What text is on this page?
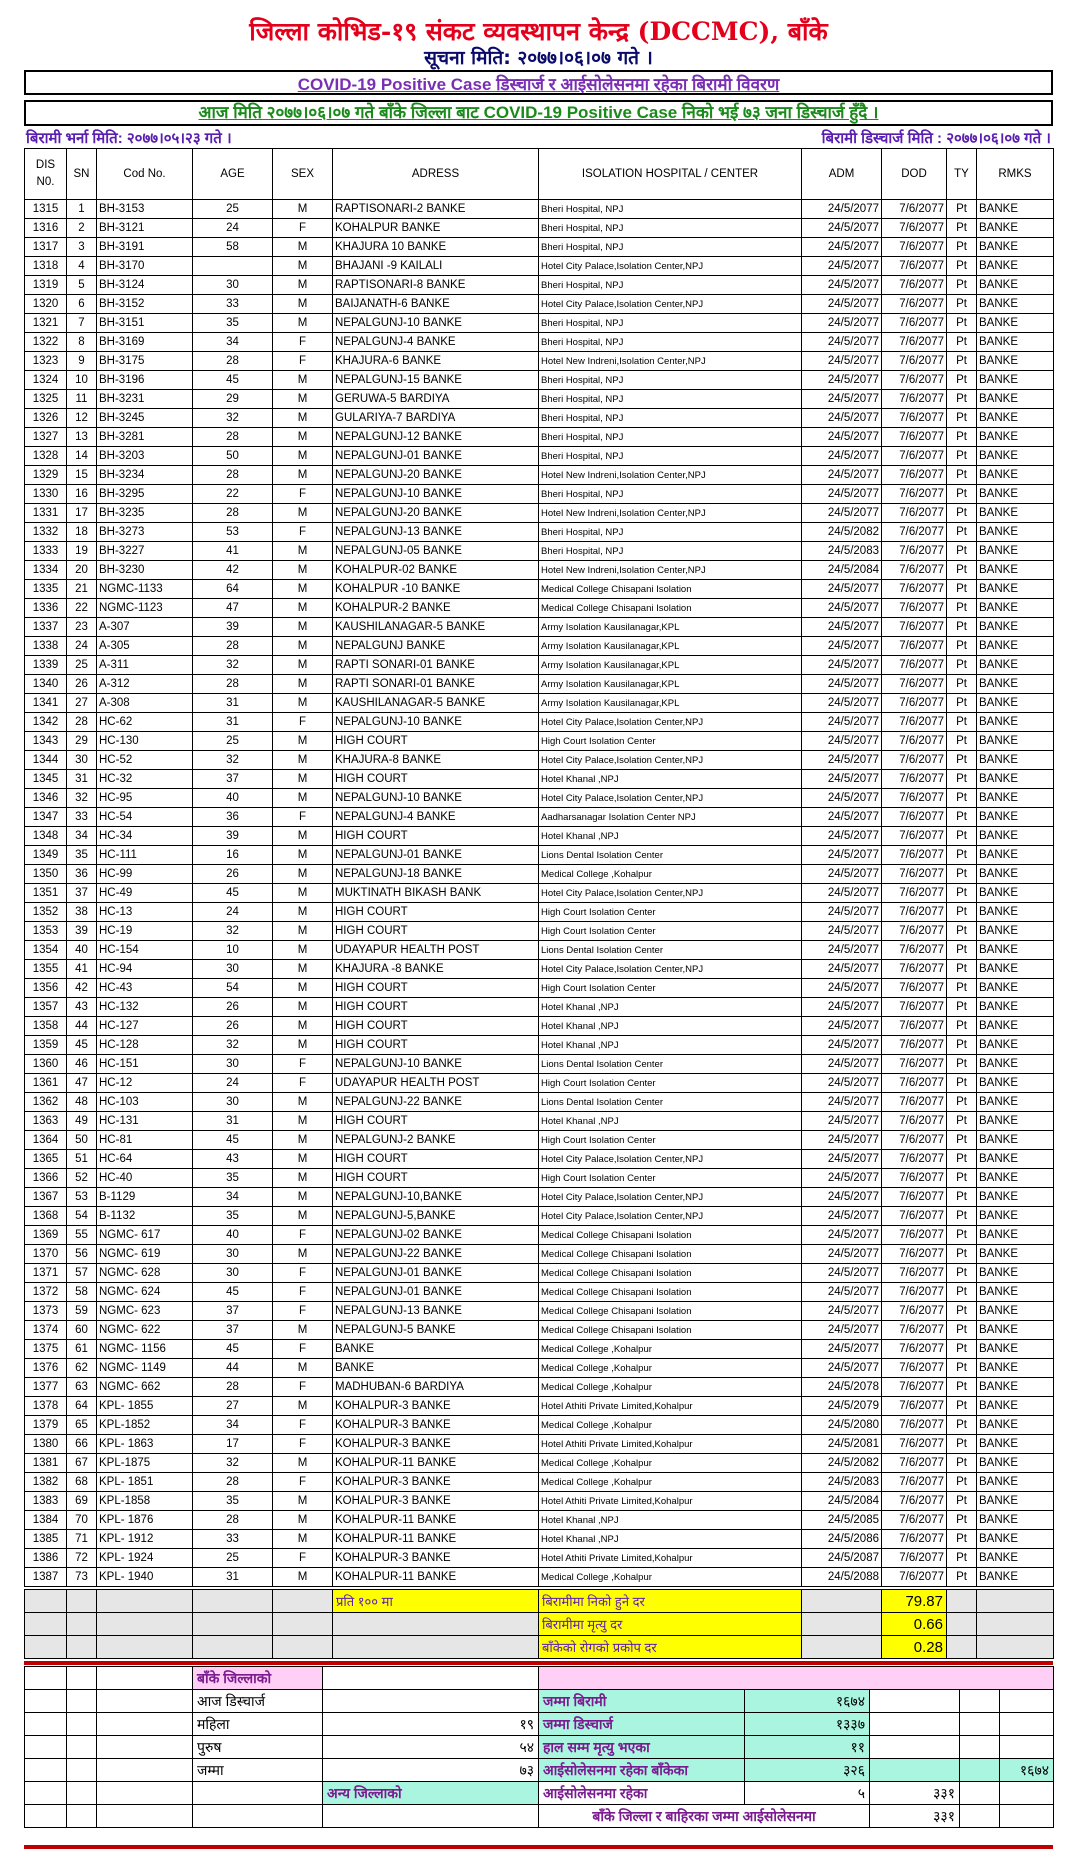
जिल्ला कोभिड-१९ संकट व्यवस्थापन केन्द्र (DCCMC), बाँके
सूचना मिति: २०७७।०६।०७ गते ।
COVID-19 Positive Case डिस्चार्ज र आईसोलेसनमा रहेका बिरामी विवरण
आज मिति २०७७।०६।०७ गते बाँके जिल्ला बाट COVID-19 Positive Case निको भई ७३ जना डिस्चार्ज हुँदै ।
बिरामी भर्ना मिति: २०७७।०५।२३ गते ।	बिरामी डिस्चार्ज मिति : २०७७।०६।०७ गते ।
DIS N0.	SN	Cod No.	AGE	SEX	ADRESS	ISOLATION HOSPITAL / CENTER	ADM	DOD	TY	RMKS
1315	1	BH-3153	25	M	RAPTISONARI-2 BANKE	Bheri Hospital, NPJ	24/5/2077	7/6/2077	Pt	BANKE
1316	2	BH-3121	24	F	KOHALPUR BANKE	Bheri Hospital, NPJ	24/5/2077	7/6/2077	Pt	BANKE
1317	3	BH-3191	58	M	KHAJURA 10 BANKE	Bheri Hospital, NPJ	24/5/2077	7/6/2077	Pt	BANKE
1318	4	BH-3170		M	BHAJANI -9 KAILALI	Hotel City Palace,Isolation Center,NPJ	24/5/2077	7/6/2077	Pt	BANKE
1319	5	BH-3124	30	M	RAPTISONARI-8 BANKE	Bheri Hospital, NPJ	24/5/2077	7/6/2077	Pt	BANKE
1320	6	BH-3152	33	M	BAIJANATH-6 BANKE	Hotel City Palace,Isolation Center,NPJ	24/5/2077	7/6/2077	Pt	BANKE
1321	7	BH-3151	35	M	NEPALGUNJ-10 BANKE	Bheri Hospital, NPJ	24/5/2077	7/6/2077	Pt	BANKE
1322	8	BH-3169	34	F	NEPALGUNJ-4 BANKE	Bheri Hospital, NPJ	24/5/2077	7/6/2077	Pt	BANKE
1323	9	BH-3175	28	F	KHAJURA-6 BANKE	Hotel New Indreni,Isolation Center,NPJ	24/5/2077	7/6/2077	Pt	BANKE
1324	10	BH-3196	45	M	NEPALGUNJ-15 BANKE	Bheri Hospital, NPJ	24/5/2077	7/6/2077	Pt	BANKE
1325	11	BH-3231	29	M	GERUWA-5 BARDIYA	Bheri Hospital, NPJ	24/5/2077	7/6/2077	Pt	BANKE
1326	12	BH-3245	32	M	GULARIYA-7 BARDIYA	Bheri Hospital, NPJ	24/5/2077	7/6/2077	Pt	BANKE
1327	13	BH-3281	28	M	NEPALGUNJ-12 BANKE	Bheri Hospital, NPJ	24/5/2077	7/6/2077	Pt	BANKE
1328	14	BH-3203	50	M	NEPALGUNJ-01 BANKE	Bheri Hospital, NPJ	24/5/2077	7/6/2077	Pt	BANKE
1329	15	BH-3234	28	M	NEPALGUNJ-20 BANKE	Hotel New Indreni,Isolation Center,NPJ	24/5/2077	7/6/2077	Pt	BANKE
1330	16	BH-3295	22	F	NEPALGUNJ-10 BANKE	Bheri Hospital, NPJ	24/5/2077	7/6/2077	Pt	BANKE
1331	17	BH-3235	28	M	NEPALGUNJ-20 BANKE	Hotel New Indreni,Isolation Center,NPJ	24/5/2077	7/6/2077	Pt	BANKE
1332	18	BH-3273	53	F	NEPALGUNJ-13 BANKE	Bheri Hospital, NPJ	24/5/2082	7/6/2077	Pt	BANKE
1333	19	BH-3227	41	M	NEPALGUNJ-05 BANKE	Bheri Hospital, NPJ	24/5/2083	7/6/2077	Pt	BANKE
1334	20	BH-3230	42	M	KOHALPUR-02 BANKE	Hotel New Indreni,Isolation Center,NPJ	24/5/2084	7/6/2077	Pt	BANKE
1335	21	NGMC-1133	64	M	KOHALPUR -10 BANKE	Medical College Chisapani Isolation	24/5/2077	7/6/2077	Pt	BANKE
1336	22	NGMC-1123	47	M	KOHALPUR-2 BANKE	Medical College Chisapani Isolation	24/5/2077	7/6/2077	Pt	BANKE
1337	23	A-307	39	M	KAUSHILANAGAR-5 BANKE	Army Isolation Kausilanagar,KPL	24/5/2077	7/6/2077	Pt	BANKE
1338	24	A-305	28	M	NEPALGUNJ BANKE	Army Isolation Kausilanagar,KPL	24/5/2077	7/6/2077	Pt	BANKE
1339	25	A-311	32	M	RAPTI SONARI-01 BANKE	Army Isolation Kausilanagar,KPL	24/5/2077	7/6/2077	Pt	BANKE
1340	26	A-312	28	M	RAPTI SONARI-01 BANKE	Army Isolation Kausilanagar,KPL	24/5/2077	7/6/2077	Pt	BANKE
1341	27	A-308	31	M	KAUSHILANAGAR-5 BANKE	Army Isolation Kausilanagar,KPL	24/5/2077	7/6/2077	Pt	BANKE
1342	28	HC-62	31	F	NEPALGUNJ-10 BANKE	Hotel City Palace,Isolation Center,NPJ	24/5/2077	7/6/2077	Pt	BANKE
1343	29	HC-130	25	M	HIGH COURT	High Court Isolation Center	24/5/2077	7/6/2077	Pt	BANKE
1344	30	HC-52	32	M	KHAJURA-8 BANKE	Hotel City Palace,Isolation Center,NPJ	24/5/2077	7/6/2077	Pt	BANKE
1345	31	HC-32	37	M	HIGH COURT	Hotel Khanal ,NPJ	24/5/2077	7/6/2077	Pt	BANKE
1346	32	HC-95	40	M	NEPALGUNJ-10 BANKE	Hotel City Palace,Isolation Center,NPJ	24/5/2077	7/6/2077	Pt	BANKE
1347	33	HC-54	36	F	NEPALGUNJ-4 BANKE	Aadharsanagar Isolation Center NPJ	24/5/2077	7/6/2077	Pt	BANKE
1348	34	HC-34	39	M	HIGH COURT	Hotel Khanal ,NPJ	24/5/2077	7/6/2077	Pt	BANKE
1349	35	HC-111	16	M	NEPALGUNJ-01 BANKE	Lions Dental Isolation Center	24/5/2077	7/6/2077	Pt	BANKE
1350	36	HC-99	26	M	NEPALGUNJ-18 BANKE	Medical College ,Kohalpur	24/5/2077	7/6/2077	Pt	BANKE
1351	37	HC-49	45	M	MUKTINATH BIKASH BANK	Hotel City Palace,Isolation Center,NPJ	24/5/2077	7/6/2077	Pt	BANKE
1352	38	HC-13	24	M	HIGH COURT	High Court Isolation Center	24/5/2077	7/6/2077	Pt	BANKE
1353	39	HC-19	32	M	HIGH COURT	High Court Isolation Center	24/5/2077	7/6/2077	Pt	BANKE
1354	40	HC-154	10	M	UDAYAPUR HEALTH POST	Lions Dental Isolation Center	24/5/2077	7/6/2077	Pt	BANKE
1355	41	HC-94	30	M	KHAJURA -8 BANKE	Hotel City Palace,Isolation Center,NPJ	24/5/2077	7/6/2077	Pt	BANKE
1356	42	HC-43	54	M	HIGH COURT	High Court Isolation Center	24/5/2077	7/6/2077	Pt	BANKE
1357	43	HC-132	26	M	HIGH COURT	Hotel Khanal ,NPJ	24/5/2077	7/6/2077	Pt	BANKE
1358	44	HC-127	26	M	HIGH COURT	Hotel Khanal ,NPJ	24/5/2077	7/6/2077	Pt	BANKE
1359	45	HC-128	32	M	HIGH COURT	Hotel Khanal ,NPJ	24/5/2077	7/6/2077	Pt	BANKE
1360	46	HC-151	30	F	NEPALGUNJ-10 BANKE	Lions Dental Isolation Center	24/5/2077	7/6/2077	Pt	BANKE
1361	47	HC-12	24	F	UDAYAPUR HEALTH POST	High Court Isolation Center	24/5/2077	7/6/2077	Pt	BANKE
1362	48	HC-103	30	M	NEPALGUNJ-22 BANKE	Lions Dental Isolation Center	24/5/2077	7/6/2077	Pt	BANKE
1363	49	HC-131	31	M	HIGH COURT	Hotel Khanal ,NPJ	24/5/2077	7/6/2077	Pt	BANKE
1364	50	HC-81	45	M	NEPALGUNJ-2 BANKE	High Court Isolation Center	24/5/2077	7/6/2077	Pt	BANKE
1365	51	HC-64	43	M	HIGH COURT	Hotel City Palace,Isolation Center,NPJ	24/5/2077	7/6/2077	Pt	BANKE
1366	52	HC-40	35	M	HIGH COURT	High Court Isolation Center	24/5/2077	7/6/2077	Pt	BANKE
1367	53	B-1129	34	M	NEPALGUNJ-10,BANKE	Hotel City Palace,Isolation Center,NPJ	24/5/2077	7/6/2077	Pt	BANKE
1368	54	B-1132	35	M	NEPALGUNJ-5,BANKE	Hotel City Palace,Isolation Center,NPJ	24/5/2077	7/6/2077	Pt	BANKE
1369	55	NGMC- 617	40	F	NEPALGUNJ-02 BANKE	Medical College Chisapani Isolation	24/5/2077	7/6/2077	Pt	BANKE
1370	56	NGMC- 619	30	M	NEPALGUNJ-22 BANKE	Medical College Chisapani Isolation	24/5/2077	7/6/2077	Pt	BANKE
1371	57	NGMC- 628	30	F	NEPALGUNJ-01 BANKE	Medical College Chisapani Isolation	24/5/2077	7/6/2077	Pt	BANKE
1372	58	NGMC- 624	45	F	NEPALGUNJ-01 BANKE	Medical College Chisapani Isolation	24/5/2077	7/6/2077	Pt	BANKE
1373	59	NGMC- 623	37	F	NEPALGUNJ-13 BANKE	Medical College Chisapani Isolation	24/5/2077	7/6/2077	Pt	BANKE
1374	60	NGMC- 622	37	M	NEPALGUNJ-5 BANKE	Medical College Chisapani Isolation	24/5/2077	7/6/2077	Pt	BANKE
1375	61	NGMC- 1156	45	F	BANKE	Medical College ,Kohalpur	24/5/2077	7/6/2077	Pt	BANKE
1376	62	NGMC- 1149	44	M	BANKE	Medical College ,Kohalpur	24/5/2077	7/6/2077	Pt	BANKE
1377	63	NGMC- 662	28	F	MADHUBAN-6 BARDIYA	Medical College ,Kohalpur	24/5/2078	7/6/2077	Pt	BANKE
1378	64	KPL- 1855	27	M	KOHALPUR-3 BANKE	Hotel Athiti Private Limited,Kohalpur	24/5/2079	7/6/2077	Pt	BANKE
1379	65	KPL-1852	34	F	KOHALPUR-3 BANKE	Medical College ,Kohalpur	24/5/2080	7/6/2077	Pt	BANKE
1380	66	KPL- 1863	17	F	KOHALPUR-3 BANKE	Hotel Athiti Private Limited,Kohalpur	24/5/2081	7/6/2077	Pt	BANKE
1381	67	KPL-1875	32	M	KOHALPUR-11 BANKE	Medical College ,Kohalpur	24/5/2082	7/6/2077	Pt	BANKE
1382	68	KPL- 1851	28	F	KOHALPUR-3 BANKE	Medical College ,Kohalpur	24/5/2083	7/6/2077	Pt	BANKE
1383	69	KPL-1858	35	M	KOHALPUR-3 BANKE	Hotel Athiti Private Limited,Kohalpur	24/5/2084	7/6/2077	Pt	BANKE
1384	70	KPL- 1876	28	M	KOHALPUR-11 BANKE	Hotel Khanal ,NPJ	24/5/2085	7/6/2077	Pt	BANKE
1385	71	KPL- 1912	33	M	KOHALPUR-11 BANKE	Hotel Khanal ,NPJ	24/5/2086	7/6/2077	Pt	BANKE
1386	72	KPL- 1924	25	F	KOHALPUR-3 BANKE	Hotel Athiti Private Limited,Kohalpur	24/5/2087	7/6/2077	Pt	BANKE
1387	73	KPL- 1940	31	M	KOHALPUR-11 BANKE	Medical College ,Kohalpur	24/5/2088	7/6/2077	Pt	BANKE
					प्रति १०० मा	बिरामीमा निको हुने दर		79.87		
						बिरामीमा मृत्यु दर		0.66		
						बाँकेको रोगको प्रकोप दर		0.28		
			बाँके जिल्लाको						
			आज डिस्चार्ज		जम्मा बिरामी	१६७४			
			महिला	१९	जम्मा डिस्चार्ज	१३३७			
			पुरुष	५४	हाल सम्म मृत्यु भएका	११			
			जम्मा	७३	आईसोलेसनमा रहेका बाँकेका	३२६			१६७४
				अन्य जिल्लाको	आईसोलेसनमा रहेका	५	३३१		
					बाँके जिल्ला र बाहिरका जम्मा आईसोलेसनमा		३३१		
